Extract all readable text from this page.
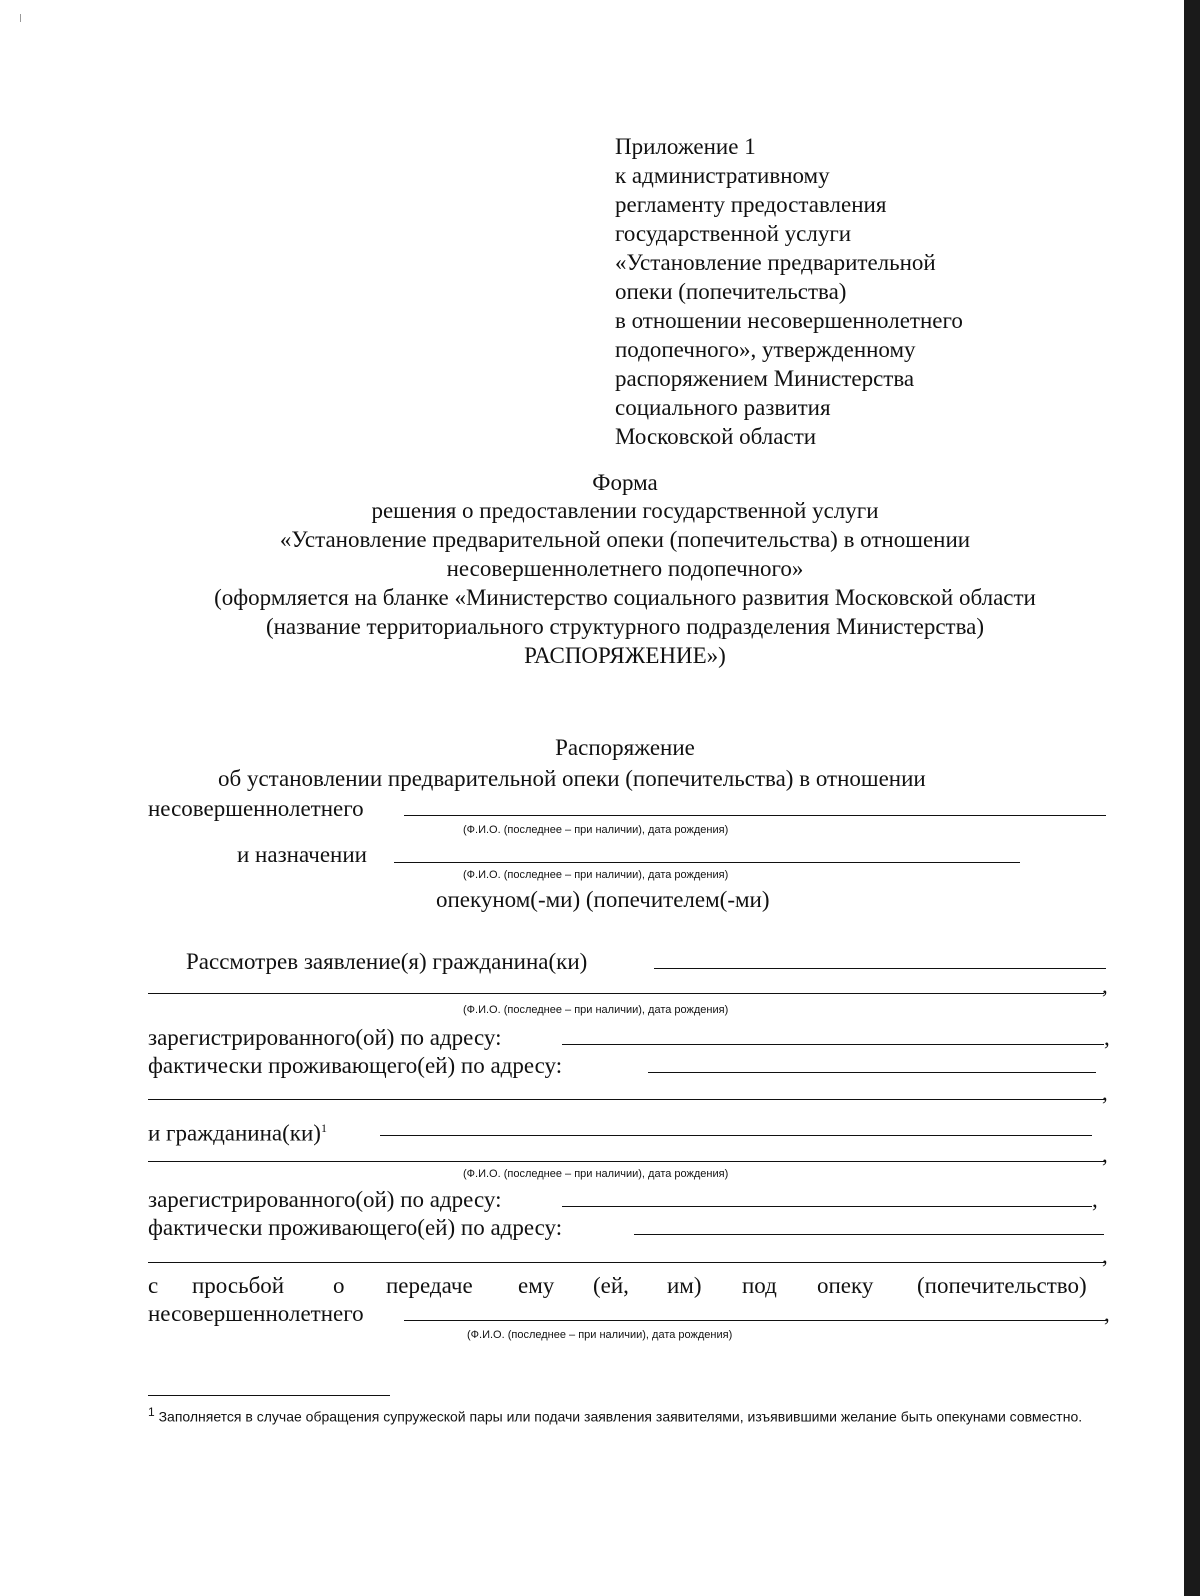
Приложение 1
к административному
регламенту предоставления
государственной услуги
«Установление предварительной
опеки (попечительства)
в отношении несовершеннолетнего
подопечного», утвержденному
распоряжением Министерства
социального развития
Московской области
Форма
решения о предоставлении государственной услуги
«Установление предварительной опеки (попечительства) в отношении
несовершеннолетнего подопечного»
(оформляется на бланке «Министерство социального развития Московской области
(название территориального структурного подразделения Министерства)
РАСПОРЯЖЕНИЕ»)
Распоряжение
об установлении предварительной опеки (попечительства) в отношении
несовершеннолетнего
(Ф.И.О. (последнее – при наличии), дата рождения)
и назначении
(Ф.И.О. (последнее – при наличии), дата рождения)
опекуном(-ми) (попечителем(-ми)
Рассмотрев заявление(я) гражданина(ки)
,
(Ф.И.О. (последнее – при наличии), дата рождения)
зарегистрированного(ой) по адресу:	,
фактически проживающего(ей) по адресу:
,
и гражданина(ки)$^1$
,
(Ф.И.О. (последнее – при наличии), дата рождения)
зарегистрированного(ой) по адресу:	,
фактически проживающего(ей) по адресу:
,
с просьбой о передаче ему (ей, им) под опеку (попечительство)
несовершеннолетнего	,
(Ф.И.О. (последнее – при наличии), дата рождения)
$^1$ Заполняется в случае обращения супружеской пары или подачи заявления заявителями, изъявившими желание быть опекунами совместно.
